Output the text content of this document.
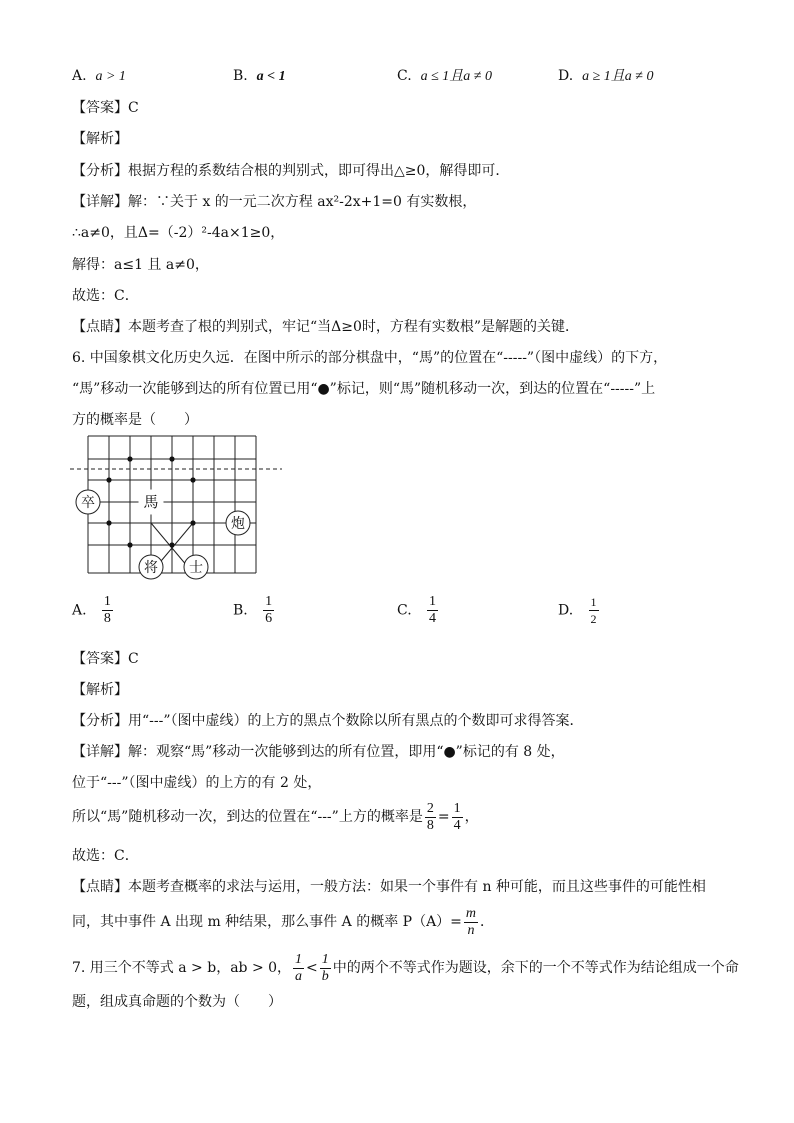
A. a > 1	B. a < 1	C. a ≤ 1且a ≠ 0	D. a ≥ 1且a ≠ 0
【答案】C
【解析】
【分析】根据方程的系数结合根的判别式，即可得出△≥0，解得即可．
【详解】解：∵关于 x 的一元二次方程 ax²-2x+1=0 有实数根，
∴a≠0，且Δ=（-2）²-4a×1≥0，
解得：a≤1 且 a≠0，
故选：C．
【点睛】本题考查了根的判别式，牢记“当Δ≥0时，方程有实数根”是解题的关键．
6. 中国象棋文化历史久远．在图中所示的部分棋盘中，“馬”的位置在“-----”（图中虚线）的下方，
“馬”移动一次能够到达的所有位置已用“●”标记，则“馬”随机移动一次，到达的位置在“-----”上
方的概率是（　　）
卒	馬
炮
将 士
A. $\frac{1}{8}$	B. $\frac{1}{6}$	C. $\frac{1}{4}$	D. $\frac{1}{2}$
【答案】C
【解析】
【分析】用“---”（图中虚线）的上方的黑点个数除以所有黑点的个数即可求得答案．
【详解】解：观察“馬”移动一次能够到达的所有位置，即用“●”标记的有 8 处，
位于“---”（图中虚线）的上方的有 2 处，
所以“馬”随机移动一次，到达的位置在“---”上方的概率是 $\frac{2}{8} = \frac{1}{4}$ ，
故选：C．
【点睛】本题考查概率的求法与运用，一般方法：如果一个事件有 n 种可能，而且这些事件的可能性相
同，其中事件 A 出现 m 种结果，那么事件 A 的概率 $P(A)= \frac{m}{n}$ ．
7. 用三个不等式 a > b，ab > 0， $\frac{1}{a} < \frac{1}{b}$ 中的两个不等式作为题设，余下的一个不等式作为结论组成一个命
题，组成真命题的个数为（　　）
